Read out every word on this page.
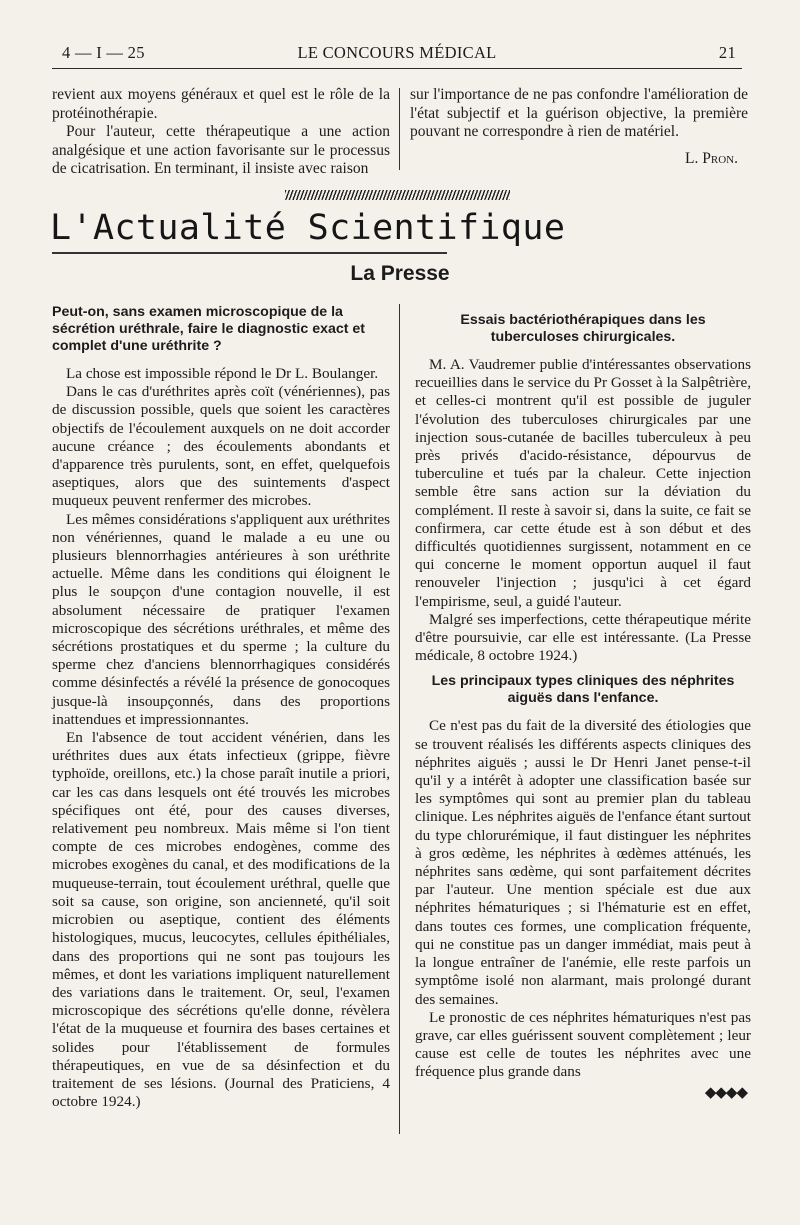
4 — I — 25	LE CONCOURS MÉDICAL	21

revient aux moyens généraux et quel est le rôle de la protéinothérapie.

Pour l'auteur, cette thérapeutique a une action analgésique et une action favorisante sur le processus de cicatrisation. En terminant, il insiste avec raison

sur l'importance de ne pas confondre l'amélioration de l'état subjectif et la guérison objective, la première pouvant ne correspondre à rien de matériel.

L. Pron.

L'Actualité Scientifique
La Presse
Peut-on, sans examen microscopique de la sécrétion uréthrale, faire le diagnostic exact et complet d'une uréthrite ?

La chose est impossible répond le Dr L. Boulanger.

Dans le cas d'uréthrites après coït (vénériennes), pas de discussion possible, quels que soient les caractères objectifs de l'écoulement auxquels on ne doit accorder aucune créance ; des écoulements abondants et d'apparence très purulents, sont, en effet, quelquefois aseptiques, alors que des suintements d'aspect muqueux peuvent renfermer des microbes.

Les mêmes considérations s'appliquent aux uréthrites non vénériennes, quand le malade a eu une ou plusieurs blennorrhagies antérieures à son uréthrite actuelle. Même dans les conditions qui éloignent le plus le soupçon d'une contagion nouvelle, il est absolument nécessaire de pratiquer l'examen microscopique des sécrétions uréthrales, et même des sécrétions prostatiques et du sperme ; la culture du sperme chez d'anciens blennorrhagiques considérés comme désinfectés a révélé la présence de gonocoques jusque-là insoupçonnés, dans des proportions inattendues et impressionnantes.

En l'absence de tout accident vénérien, dans les uréthrites dues aux états infectieux (grippe, fièvre typhoïde, oreillons, etc.) la chose paraît inutile a priori, car les cas dans lesquels ont été trouvés les microbes spécifiques ont été, pour des causes diverses, relativement peu nombreux. Mais même si l'on tient compte de ces microbes endogènes, comme des microbes exogènes du canal, et des modifications de la muqueuse-terrain, tout écoulement uréthral, quelle que soit sa cause, son origine, son ancienneté, qu'il soit microbien ou aseptique, contient des éléments histologiques, mucus, leucocytes, cellules épithéliales, dans des proportions qui ne sont pas toujours les mêmes, et dont les variations impliquent naturellement des variations dans le traitement. Or, seul, l'examen microscopique des sécrétions qu'elle donne, révèlera l'état de la muqueuse et fournira des bases certaines et solides pour l'établissement de formules thérapeutiques, en vue de sa désinfection et du traitement de ses lésions. (Journal des Praticiens, 4 octobre 1924.)

Essais bactériothérapiques dans les tuberculoses chirurgicales.

M. A. Vaudremer publie d'intéressantes observations recueillies dans le service du Pr Gosset à la Salpêtrière, et celles-ci montrent qu'il est possible de juguler l'évolution des tuberculoses chirurgicales par une injection sous-cutanée de bacilles tuberculeux à peu près privés d'acido-résistance, dépourvus de tuberculine et tués par la chaleur. Cette injection semble être sans action sur la déviation du complément. Il reste à savoir si, dans la suite, ce fait se confirmera, car cette étude est à son début et des difficultés quotidiennes surgissent, notamment en ce qui concerne le moment opportun auquel il faut renouveler l'injection ; jusqu'ici à cet égard l'empirisme, seul, a guidé l'auteur.

Malgré ses imperfections, cette thérapeutique mérite d'être poursuivie, car elle est intéressante. (La Presse médicale, 8 octobre 1924.)

Les principaux types cliniques des néphrites aiguës dans l'enfance.

Ce n'est pas du fait de la diversité des étiologies que se trouvent réalisés les différents aspects cliniques des néphrites aiguës ; aussi le Dr Henri Janet pense-t-il qu'il y a intérêt à adopter une classification basée sur les symptômes qui sont au premier plan du tableau clinique. Les néphrites aiguës de l'enfance étant surtout du type chlorurémique, il faut distinguer les néphrites à gros œdème, les néphrites à œdèmes atténués, les néphrites sans œdème, qui sont parfaitement décrites par l'auteur. Une mention spéciale est due aux néphrites hématuriques ; si l'hématurie est en effet, dans toutes ces formes, une complication fréquente, qui ne constitue pas un danger immédiat, mais peut à la longue entraîner de l'anémie, elle reste parfois un symptôme isolé non alarmant, mais prolongé durant des semaines.

Le pronostic de ces néphrites hématuriques n'est pas grave, car elles guérissent souvent complètement ; leur cause est celle de toutes les néphrites avec une fréquence plus grande dans

◆◆◆◆
